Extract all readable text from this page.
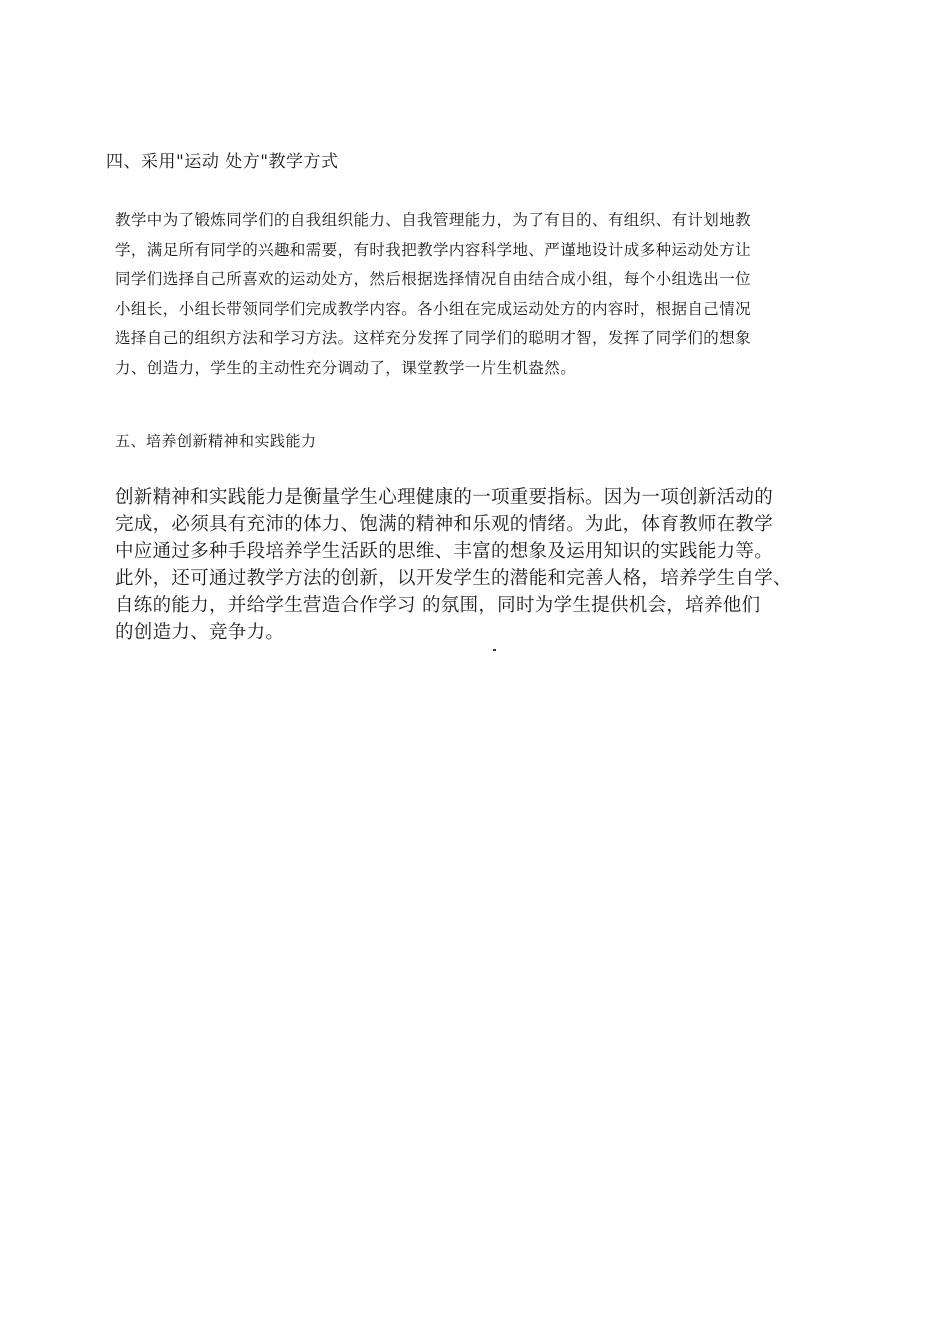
四、采用"运动 处方"教学方式
教学中为了锻炼同学们的自我组织能力、自我管理能力，为了有目的、有组织、有计划地教
学，满足所有同学的兴趣和需要，有时我把教学内容科学地、严谨地设计成多种运动处方让
同学们选择自己所喜欢的运动处方，然后根据选择情况自由结合成小组，每个小组选出一位
小组长，小组长带领同学们完成教学内容。各小组在完成运动处方的内容时，根据自己情况
选择自己的组织方法和学习方法。这样充分发挥了同学们的聪明才智，发挥了同学们的想象
力、创造力，学生的主动性充分调动了，课堂教学一片生机盎然。
五、培养创新精神和实践能力
创新精神和实践能力是衡量学生心理健康的一项重要指标。因为一项创新活动的
完成，必须具有充沛的体力、饱满的精神和乐观的情绪。为此，体育教师在教学
中应通过多种手段培养学生活跃的思维、丰富的想象及运用知识的实践能力等。
此外，还可通过教学方法的创新，以开发学生的潜能和完善人格，培养学生自学、
自练的能力，并给学生营造合作学习 的氛围，同时为学生提供机会，培养他们
的创造力、竞争力。
